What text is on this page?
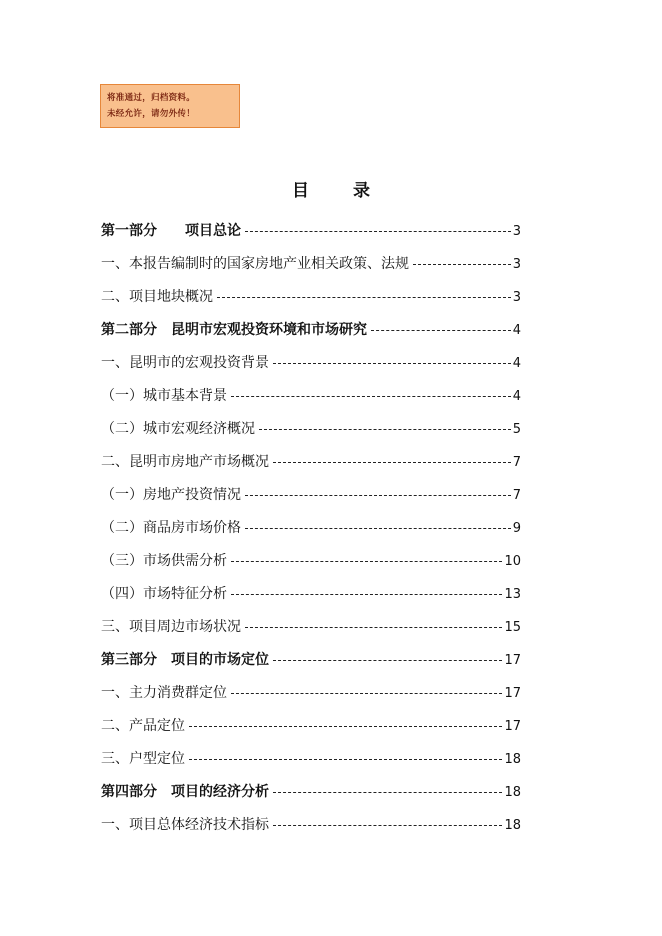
将准通过，归档资料。
未经允许，请勿外传！
目	录
第一部分　　项目总论	3
一、本报告编制时的国家房地产业相关政策、法规	3
二、项目地块概况	3
第二部分　昆明市宏观投资环境和市场研究	4
一、昆明市的宏观投资背景	4
（一）城市基本背景	4
（二）城市宏观经济概况	5
二、昆明市房地产市场概况	7
（一）房地产投资情况	7
（二）商品房市场价格	9
（三）市场供需分析	10
（四）市场特征分析	13
三、项目周边市场状况	15
第三部分　项目的市场定位	17
一、主力消费群定位	17
二、产品定位	17
三、户型定位	18
第四部分　项目的经济分析	18
一、项目总体经济技术指标	18
